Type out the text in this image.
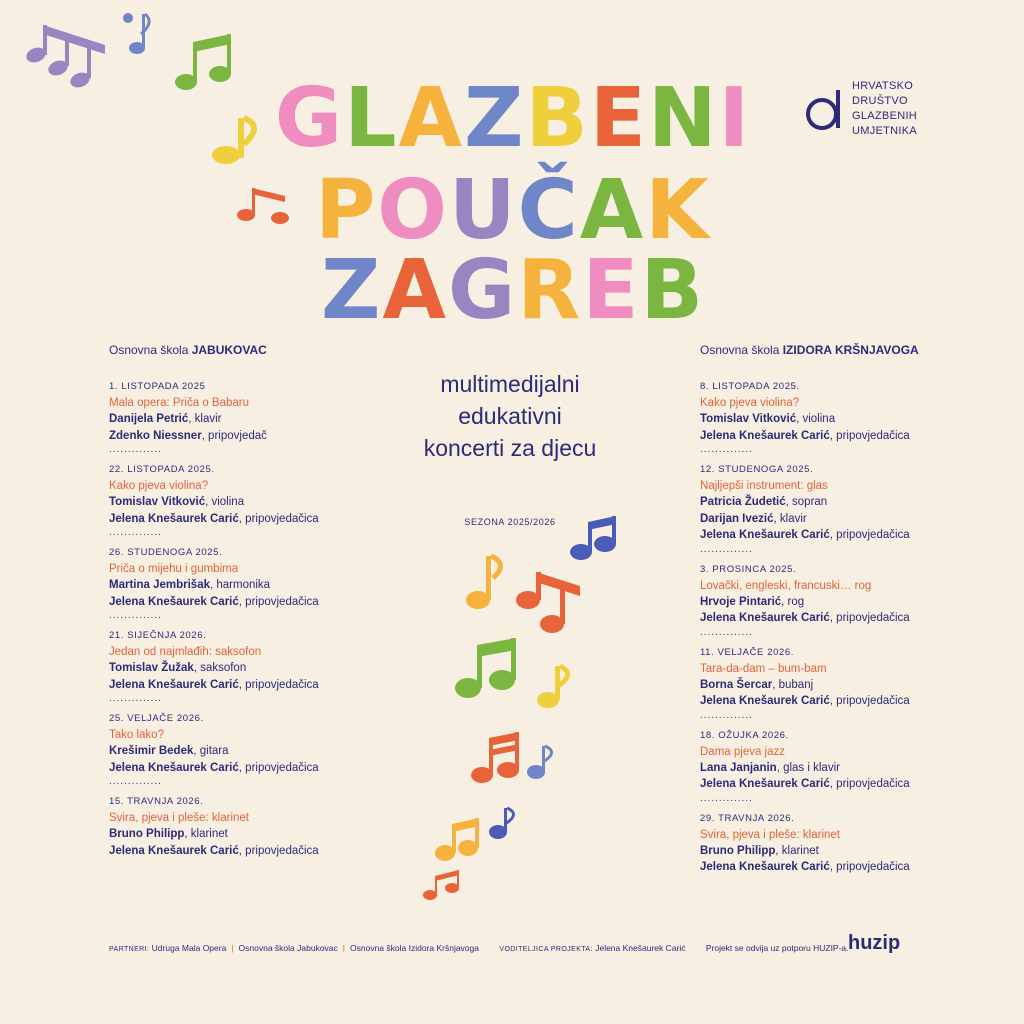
GLAZBENI
POUČAK
ZAGREB
HRVATSKO
DRUŠTVO
GLAZBENIH
UMJETNIKA
multimedijalni
edukativni
koncerti za djecu
SEZONA 2025/2026
Osnovna škola JABUKOVAC
1. LISTOPADA 2025
Mala opera: Priča o Babaru
Danijela Petrić, klavir
Zdenko Niessner, pripovjedač
..............
22. LISTOPADA 2025.
Kako pjeva violina?
Tomislav Vitković, violina
Jelena Knešaurek Carić, pripovjedačica
..............
26. STUDENOGA 2025.
Priča o mijehu i gumbima
Martina Jembrišak, harmonika
Jelena Knešaurek Carić, pripovjedačica
..............
21. SIJEČNJA 2026.
Jedan od najmlađih: saksofon
Tomislav Žužak, saksofon
Jelena Knešaurek Carić, pripovjedačica
..............
25. VELJAČE 2026.
Tako lako?
Krešimir Bedek, gitara
Jelena Knešaurek Carić, pripovjedačica
..............
15. TRAVNJA 2026.
Svira, pjeva i pleše: klarinet
Bruno Philipp, klarinet
Jelena Knešaurek Carić, pripovjedačica
Osnovna škola IZIDORA KRŠNJAVOGA
8. LISTOPADA 2025.
Kako pjeva violina?
Tomislav Vitković, violina
Jelena Knešaurek Carić, pripovjedačica
..............
12. STUDENOGA 2025.
Najljepši instrument: glas
Patricia Žudetić, sopran
Darijan Ivezić, klavir
Jelena Knešaurek Carić, pripovjedačica
..............
3. PROSINCA 2025.
Lovački, engleski, francuski… rog
Hrvoje Pintarić, rog
Jelena Knešaurek Carić, pripovjedačica
..............
11. VELJAČE 2026.
Tara-da-dam – bum-bam
Borna Šercar, bubanj
Jelena Knešaurek Carić, pripovjedačica
..............
18. OŽUJKA 2026.
Dama pjeva jazz
Lana Janjanin, glas i klavir
Jelena Knešaurek Carić, pripovjedačica
..............
29. TRAVNJA 2026.
Svira, pjeva i pleše: klarinet
Bruno Philipp, klarinet
Jelena Knešaurek Carić, pripovjedačica
PARTNERI: Udruga Mala Opera | Osnovna škola Jabukovac | Osnovna škola Izidora Kršnjavoga	VODITELJICA PROJEKTA: Jelena Knešaurek Carić Projekt se odvija uz potporu HUZIP-a. huzip
